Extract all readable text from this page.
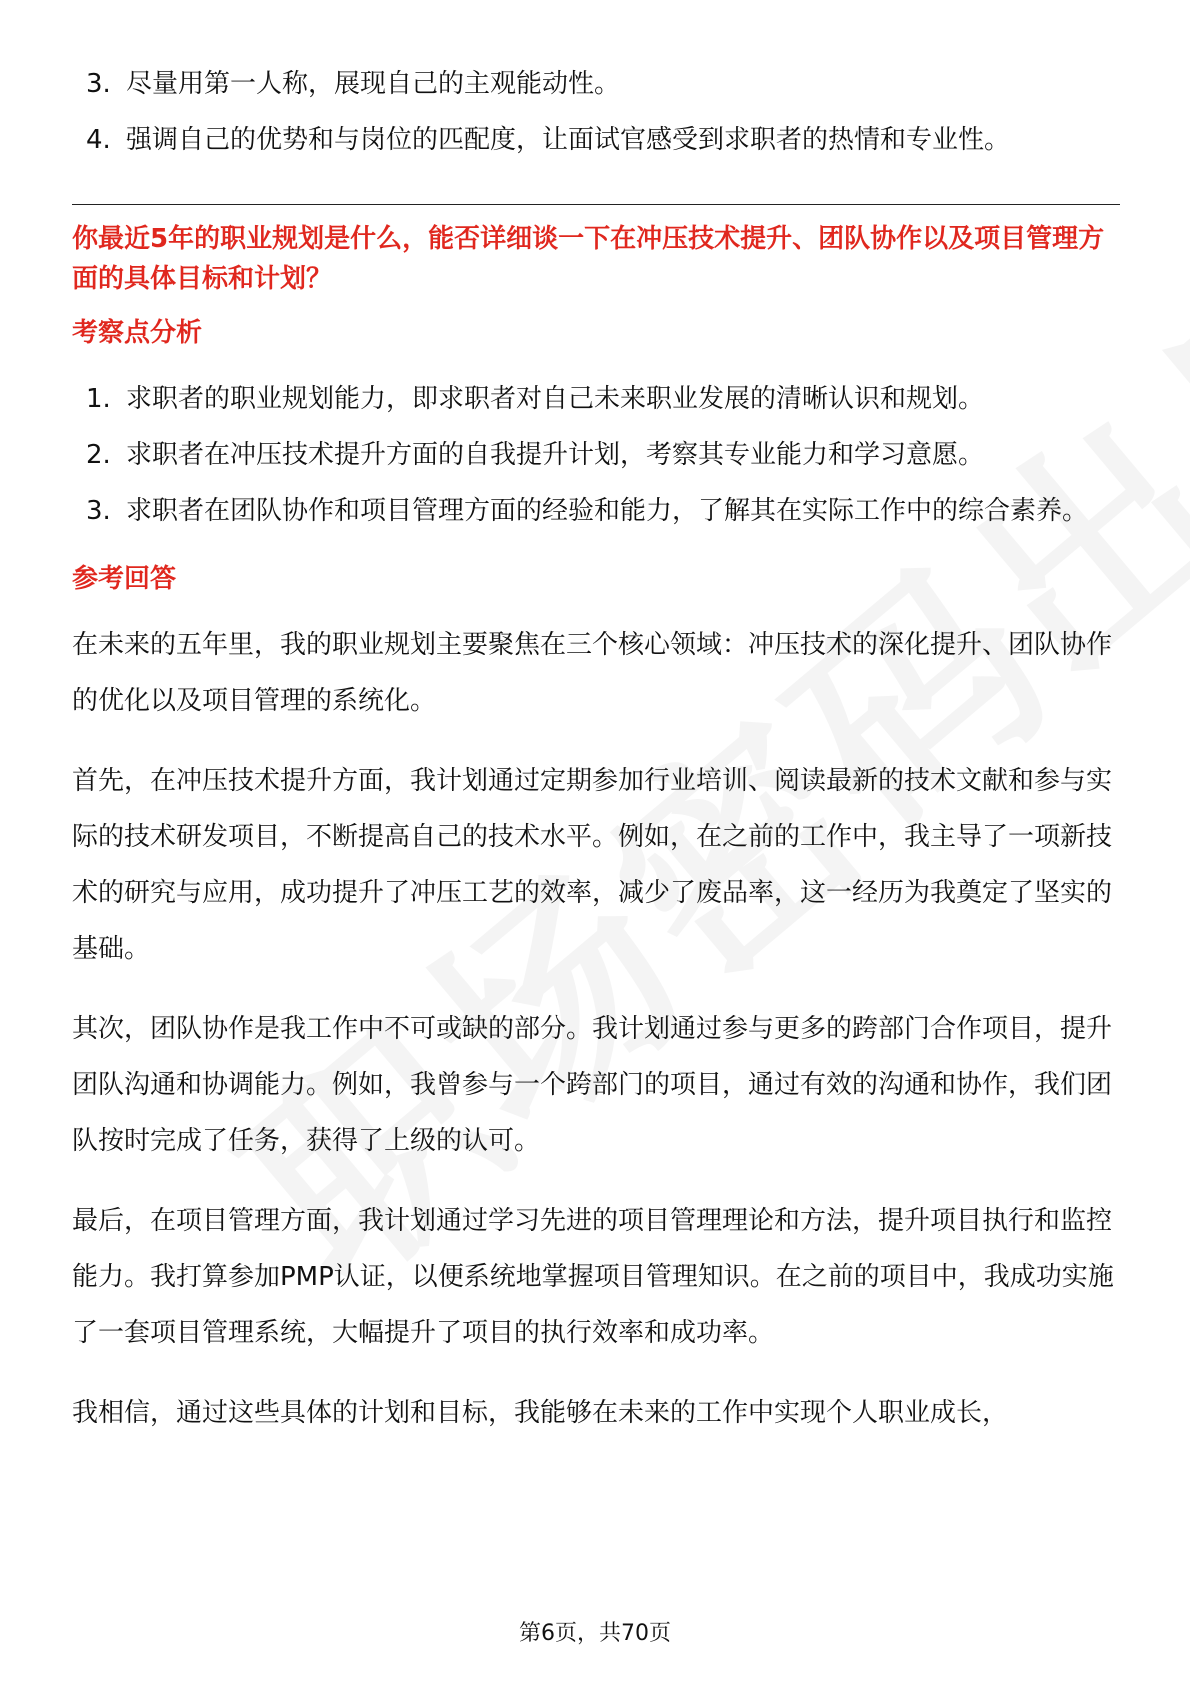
3. 尽量用第一人称，展现自己的主观能动性。
4. 强调自己的优势和与岗位的匹配度，让面试官感受到求职者的热情和专业性。

你最近5年的职业规划是什么，能否详细谈一下在冲压技术提升、团队协作以及项目管理方面的具体目标和计划？

考察点分析
1. 求职者的职业规划能力，即求职者对自己未来职业发展的清晰认识和规划。
2. 求职者在冲压技术提升方面的自我提升计划，考察其专业能力和学习意愿。
3. 求职者在团队协作和项目管理方面的经验和能力，了解其在实际工作中的综合素养。
参考回答

在未来的五年里，我的职业规划主要聚焦在三个核心领域：冲压技术的深化提升、团队协作的优化以及项目管理的系统化。

首先，在冲压技术提升方面，我计划通过定期参加行业培训、阅读最新的技术文献和参与实际的技术研发项目，不断提高自己的技术水平。例如，在之前的工作中，我主导了一项新技术的研究与应用，成功提升了冲压工艺的效率，减少了废品率，这一经历为我奠定了坚实的基础。

其次，团队协作是我工作中不可或缺的部分。我计划通过参与更多的跨部门合作项目，提升团队沟通和协调能力。例如，我曾参与一个跨部门的项目，通过有效的沟通和协作，我们团队按时完成了任务，获得了上级的认可。

最后，在项目管理方面，我计划通过学习先进的项目管理理论和方法，提升项目执行和监控能力。我打算参加PMP认证，以便系统地掌握项目管理知识。在之前的项目中，我成功实施了一套项目管理系统，大幅提升了项目的执行效率和成功率。

我相信，通过这些具体的计划和目标，我能够在未来的工作中实现个人职业成长，

第6页，共70页
